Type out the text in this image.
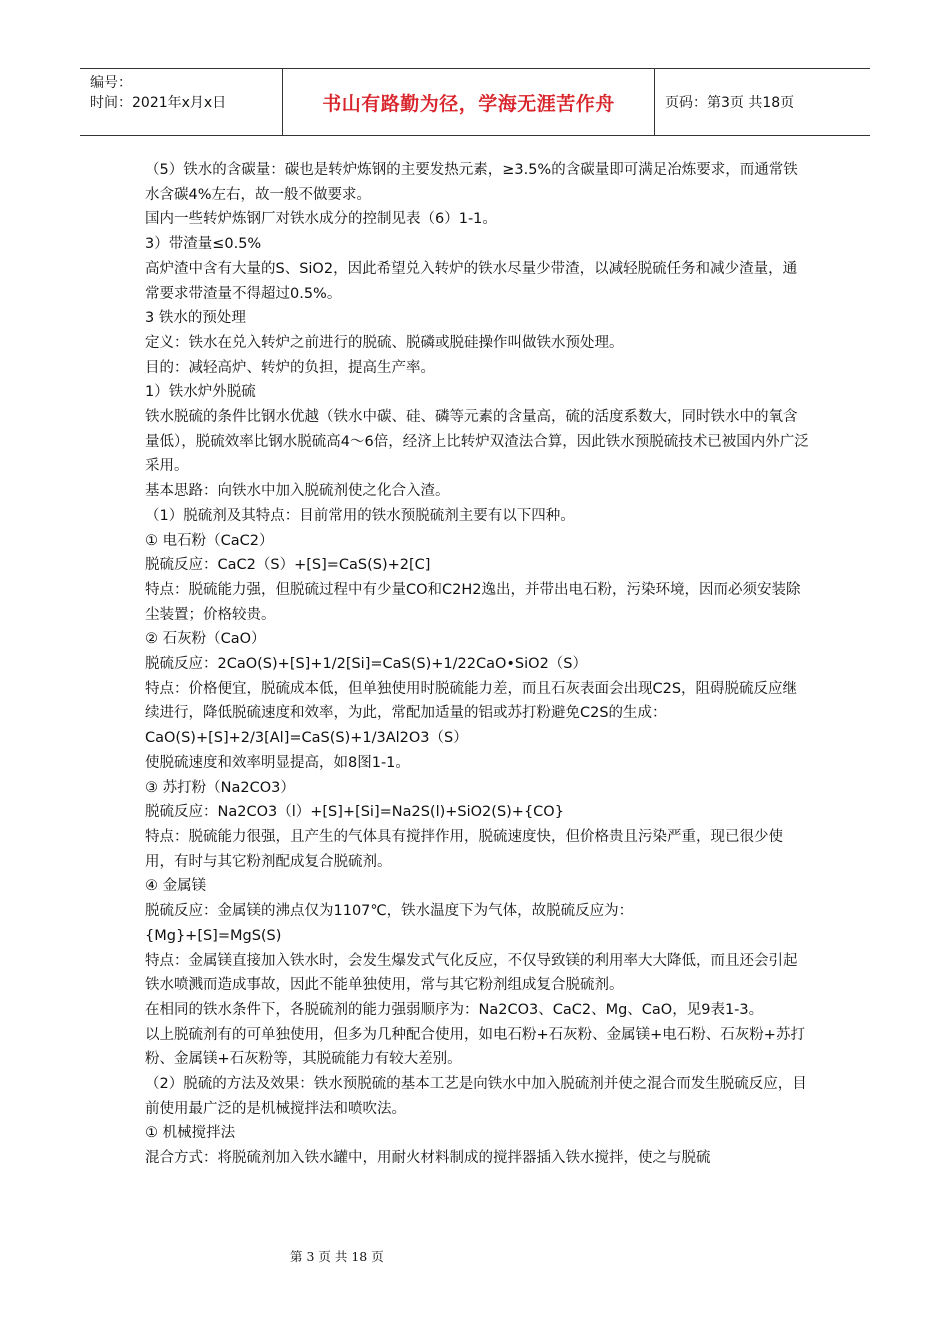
编号：
时间：2021年x月x日	书山有路勤为径，学海无涯苦作舟	页码：第3页 共18页

（5）铁水的含碳量：碳也是转炉炼钢的主要发热元素，≥3.5%的含碳量即可满足冶炼要求，而通常铁水含碳4%左右，故一般不做要求。

国内一些转炉炼钢厂对铁水成分的控制见表（6）1-1。

3）带渣量≤0.5%

高炉渣中含有大量的S、SiO2，因此希望兑入转炉的铁水尽量少带渣，以减轻脱硫任务和减少渣量，通常要求带渣量不得超过0.5%。

3 铁水的预处理

定义：铁水在兑入转炉之前进行的脱硫、脱磷或脱硅操作叫做铁水预处理。

目的：减轻高炉、转炉的负担，提高生产率。

1）铁水炉外脱硫

铁水脱硫的条件比钢水优越（铁水中碳、硅、磷等元素的含量高，硫的活度系数大，同时铁水中的氧含量低），脱硫效率比钢水脱硫高4～6倍，经济上比转炉双渣法合算，因此铁水预脱硫技术已被国内外广泛采用。

基本思路：向铁水中加入脱硫剂使之化合入渣。

（1）脱硫剂及其特点：目前常用的铁水预脱硫剂主要有以下四种。

① 电石粉（CaC2）

脱硫反应：CaC2（S）+[S]=CaS(S)+2[C]

特点：脱硫能力强，但脱硫过程中有少量CO和C2H2逸出，并带出电石粉，污染环境，因而必须安装除尘装置；价格较贵。

② 石灰粉（CaO）

脱硫反应：2CaO(S)+[S]+1/2[Si]=CaS(S)+1/22CaO•SiO2（S）

特点：价格便宜，脱硫成本低，但单独使用时脱硫能力差，而且石灰表面会出现C2S，阻碍脱硫反应继续进行，降低脱硫速度和效率，为此，常配加适量的铝或苏打粉避免C2S的生成：

CaO(S)+[S]+2/3[Al]=CaS(S)+1/3Al2O3（S）

使脱硫速度和效率明显提高，如8图1-1。

③ 苏打粉（Na2CO3）

脱硫反应：Na2CO3（l）+[S]+[Si]=Na2S(l)+SiO2(S)+{CO}

特点：脱硫能力很强，且产生的气体具有搅拌作用，脱硫速度快，但价格贵且污染严重，现已很少使用，有时与其它粉剂配成复合脱硫剂。

④ 金属镁

脱硫反应：金属镁的沸点仅为1107℃，铁水温度下为气体，故脱硫反应为：

{Mg}+[S]=MgS(S)

特点：金属镁直接加入铁水时，会发生爆发式气化反应，不仅导致镁的利用率大大降低，而且还会引起铁水喷溅而造成事故，因此不能单独使用，常与其它粉剂组成复合脱硫剂。

在相同的铁水条件下，各脱硫剂的能力强弱顺序为：Na2CO3、CaC2、Mg、CaO，见9表1-3。

以上脱硫剂有的可单独使用，但多为几种配合使用，如电石粉+石灰粉、金属镁+电石粉、石灰粉+苏打粉、金属镁+石灰粉等，其脱硫能力有较大差别。

（2）脱硫的方法及效果：铁水预脱硫的基本工艺是向铁水中加入脱硫剂并使之混合而发生脱硫反应，目前使用最广泛的是机械搅拌法和喷吹法。

① 机械搅拌法

混合方式：将脱硫剂加入铁水罐中，用耐火材料制成的搅拌器插入铁水搅拌，使之与脱硫

第 3 页 共 18 页
